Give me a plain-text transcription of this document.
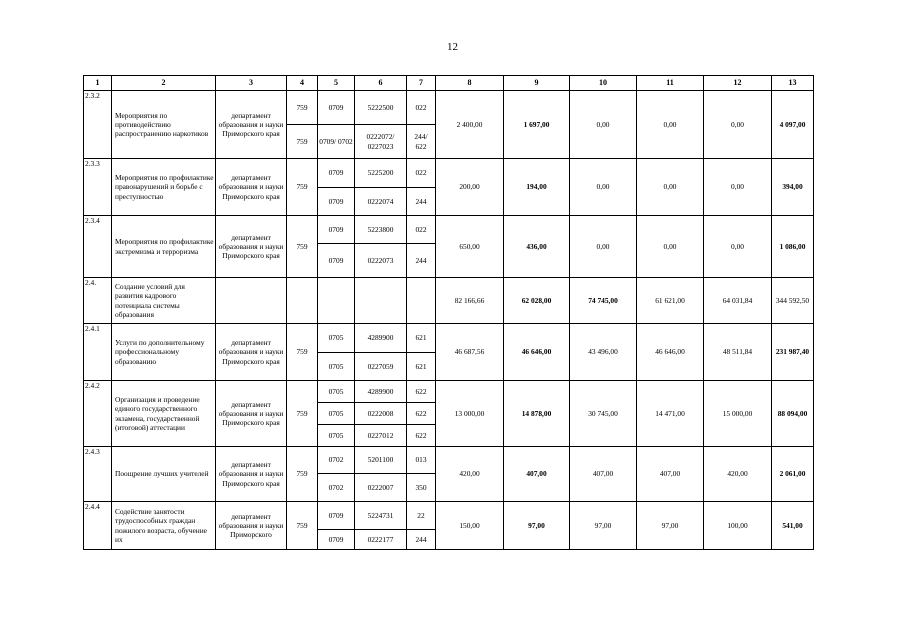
12
1	2	3	4	5	6	7	8	9	10	11	12	13
2.3.2	Мероприятия по противодействию распространению наркотиков	департамент образования и науки Приморского края	759	0709	5222500	022	2 400,00	1 697,00	0,00	0,00	0,00	4 097,00
			759	0709/ 0702	0222072/ 0227023	244/ 622						
2.3.3	Мероприятия по профилактике правонарушений и борьбе с преступностью	департамент образования и науки Приморского края	759	0709	5225200	022	200,00	194,00	0,00	0,00	0,00	394,00
				0709	0222074	244						
2.3.4	Мероприятия по профилактике экстремизма и терроризма	департамент образования и науки Приморского края	759	0709	5223800	022	650,00	436,00	0,00	0,00	0,00	1 086,00
				0709	0222073	244						
2.4.	Создание условий для развития кадрового потенциала системы образования						82 166,66	62 028,00	74 745,00	61 621,00	64 031,84	344 592,50
2.4.1	Услуги по дополнительному профессиональному образованию	департамент образования и науки Приморского края	759	0705	4289900	621	46 687,56	46 646,00	43 496,00	46 646,00	48 511,84	231 987,40
				0705	0227059	621						
2.4.2	Организация и проведение единого государственного экзамена, государственной (итоговой) аттестации	департамент образования и науки Приморского края	759	0705	4289900	622	13 000,00	14 878,00	30 745,00	14 471,00	15 000,00	88 094,00
				0705	0222008	622						
				0705	0227012	622						
2.4.3	Поощрение лучших учителей	департамент образования и науки Приморского края	759	0702	5201100	013	420,00	407,00	407,00	407,00	420,00	2 061,00
				0702	0222007	350						
2.4.4	Содействие занятости трудоспособных граждан пожилого возраста, обучение их	департамент образования и науки Приморского	759	0709	5224731	22	150,00	97,00	97,00	97,00	100,00	541,00
				0709	0222177	244						
